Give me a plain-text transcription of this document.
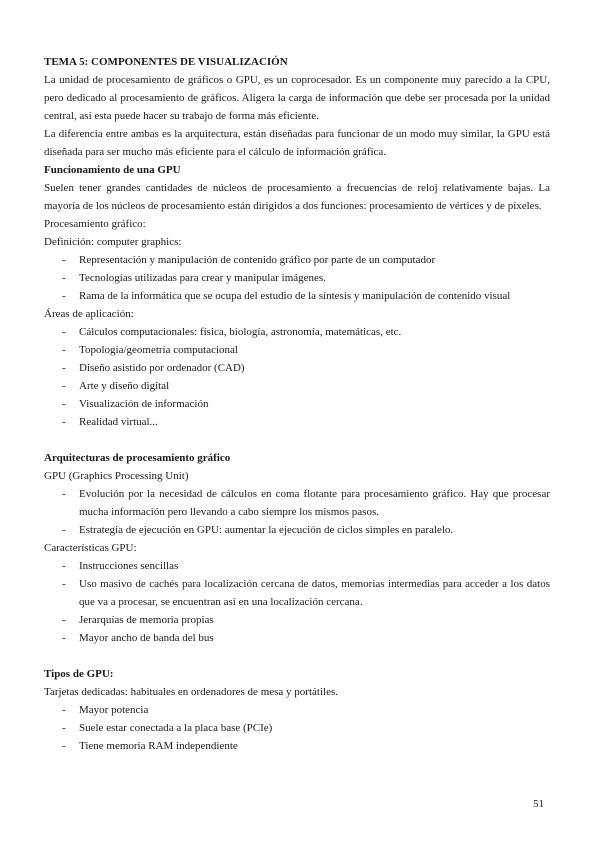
TEMA 5: COMPONENTES DE VISUALIZACIÓN

La unidad de procesamiento de gráficos o GPU, es un coprocesador. Es un componente muy parecido a la CPU, pero dedicado al procesamiento de gráficos. Aligera la carga de información que debe ser procesada por la unidad central, así esta puede hacer su trabajo de forma más eficiente.

La diferencia entre ambas es la arquitectura, están diseñadas para funcionar de un modo muy similar, la GPU está diseñada para ser mucho más eficiente para el cálculo de información gráfica.

Funcionamiento de una GPU

Suelen tener grandes cantidades de núcleos de procesamiento a frecuencias de reloj relativamente bajas. La mayoría de los núcleos de procesamiento están dirigidos a dos funciones: procesamiento de vértices y de píxeles.

Procesamiento gráfico:

Definición: computer graphics:

- Representación y manipulación de contenido gráfico por parte de un computador
- Tecnologías utilizadas para crear y manipular imágenes.
- Rama de la informática que se ocupa del estudio de la síntesis y manipulación de contenido visual

Áreas de aplicación:

- Cálculos computacionales: física, biología, astronomía, matemáticas, etc.
- Topología/geometría computacional
- Diseño asistido por ordenador (CAD)
- Arte y diseño digital
- Visualización de información
- Realidad virtual...

Arquitecturas de procesamiento gráfico

GPU (Graphics Processing Unit)

- Evolución por la necesidad de cálculos en coma flotante para procesamiento gráfico. Hay que procesar mucha información pero llevando a cabo siempre los mismos pasos.
- Estrategia de ejecución en GPU: aumentar la ejecución de ciclos simples en paralelo.

Características GPU:

- Instrucciones sencillas
- Uso masivo de cachés para localización cercana de datos, memorias intermedias para acceder a los datos que va a procesar, se encuentran así en una localización cercana.
- Jerarquías de memoria propias
- Mayor ancho de banda del bus

Tipos de GPU:

Tarjetas dedicadas: habituales en ordenadores de mesa y portátiles.

- Mayor potencia
- Suele estar conectada a la placa base (PCIe)
- Tiene memoria RAM independiente
51
